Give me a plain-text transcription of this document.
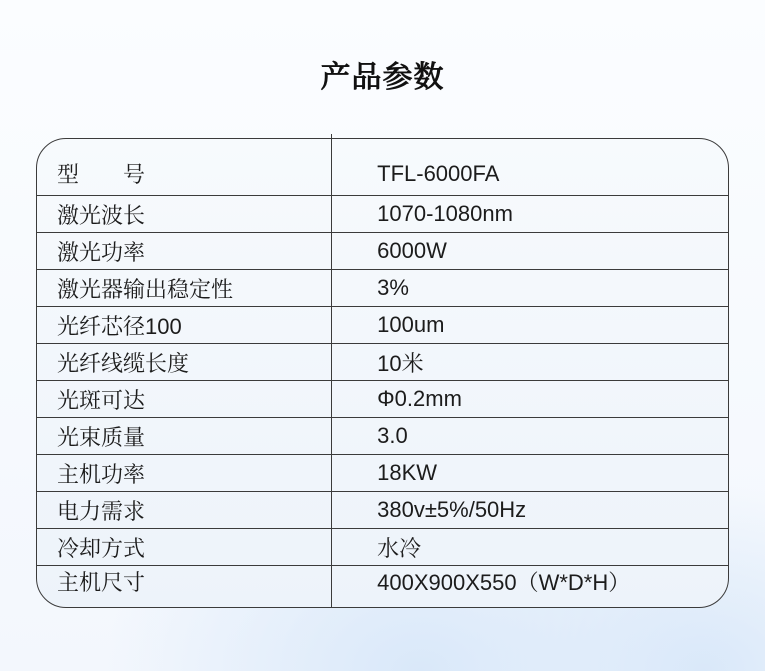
产品参数
型　　号	TFL-6000FA
激光波长	1070-1080nm
激光功率	6000W
激光器输出稳定性	3%
光纤芯径100	100um
光纤线缆长度	10米
光斑可达	Φ0.2mm
光束质量	3.0
主机功率	18KW
电力需求	380v±5%/50Hz
冷却方式	水冷
主机尺寸	400X900X550（W*D*H）
